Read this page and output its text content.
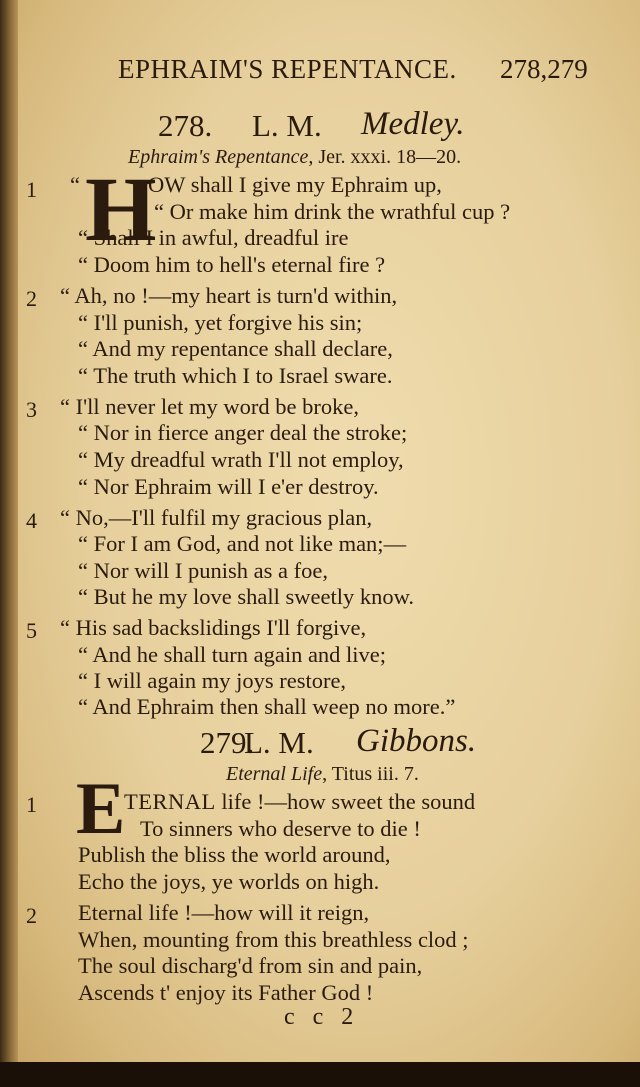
EPHRAIM'S REPENTANCE. 278,279
278. L. M. Medley.
Ephraim's Repentance, Jer. xxxi. 18—20.
1 “ H
OW shall I give my Ephraim up,
“ Or make him drink the wrathful cup ?
“ Shall I in awful, dreadful ire
“ Doom him to hell's eternal fire ?
2 “ Ah, no !—my heart is turn'd within,
“ I'll punish, yet forgive his sin;
“ And my repentance shall declare,
“ The truth which I to Israel sware.
3 “ I'll never let my word be broke,
“ Nor in fierce anger deal the stroke;
“ My dreadful wrath I'll not employ,
“ Nor Ephraim will I e'er destroy.
4 “ No,—I'll fulfil my gracious plan,
“ For I am God, and not like man;—
“ Nor will I punish as a foe,
“ But he my love shall sweetly know.
5 “ His sad backslidings I'll forgive,
“ And he shall turn again and live;
“ I will again my joys restore,
“ And Ephraim then shall weep no more.”
279.
L. M. Gibbons.
Eternal Life, Titus iii. 7.
1 E
TERNAL life !—how sweet the sound
To sinners who deserve to die !
Publish the bliss the world around,
Echo the joys, ye worlds on high.
2 Eternal life !—how will it reign,
When, mounting from this breathless clod ;
The soul discharg'd from sin and pain,
Ascends t' enjoy its Father God !
c c 2
